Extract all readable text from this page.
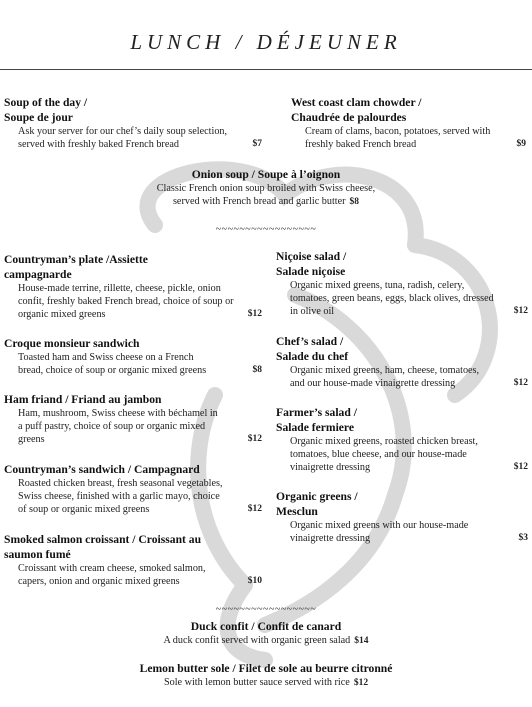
LUNCH / DÉJEUNER
Soup of the day /
Soupe de jour
Ask your server for our chef’s daily soup selection,
served with freshly baked French bread	$7
West coast clam chowder /
Chaudrée de palourdes
Cream of clams, bacon, potatoes, served with
freshly baked French bread	$9
Onion soup / Soupe à l’oignon
Classic French onion soup broiled with Swiss cheese,
served with French bread and garlic butter $8
~~~~~~~~~~~~~~~~~
Countryman’s plate /Assiette
campagnarde
House-made terrine, rillette, cheese, pickle, onion
confit, freshly baked French bread, choice of soup or
organic mixed greens	$12
Niçoise salad /
Salade niçoise
Organic mixed greens, tuna, radish, celery,
tomatoes, green beans, eggs, black olives, dressed
in olive oil	$12
Croque monsieur sandwich
Toasted ham and Swiss cheese on a French
bread, choice of soup or organic mixed greens	$8
Chef’s salad /
Salade du chef
Organic mixed greens, ham, cheese, tomatoes,
and our house-made vinaigrette dressing	$12
Ham friand / Friand au jambon
Ham, mushroom, Swiss cheese with béchamel in
a puff pastry, choice of soup or organic mixed
greens	$12
Farmer’s salad /
Salade fermiere
Organic mixed greens, roasted chicken breast,
tomatoes, blue cheese, and our house-made
vinaigrette dressing	$12
Countryman’s sandwich / Campagnard
Roasted chicken breast, fresh seasonal vegetables,
Swiss cheese, finished with a garlic mayo, choice
of soup or organic mixed greens	$12
Organic greens /
Mesclun
Organic mixed greens with our house-made
vinaigrette dressing	$3
Smoked salmon croissant / Croissant au
saumon fumé
Croissant with cream cheese, smoked salmon,
capers, onion and organic mixed greens	$10
~~~~~~~~~~~~~~~~~
Duck confit / Confit de canard
A duck confit served with organic green salad $14
Lemon butter sole / Filet de sole au beurre citronné
Sole with lemon butter sauce served with rice $12
